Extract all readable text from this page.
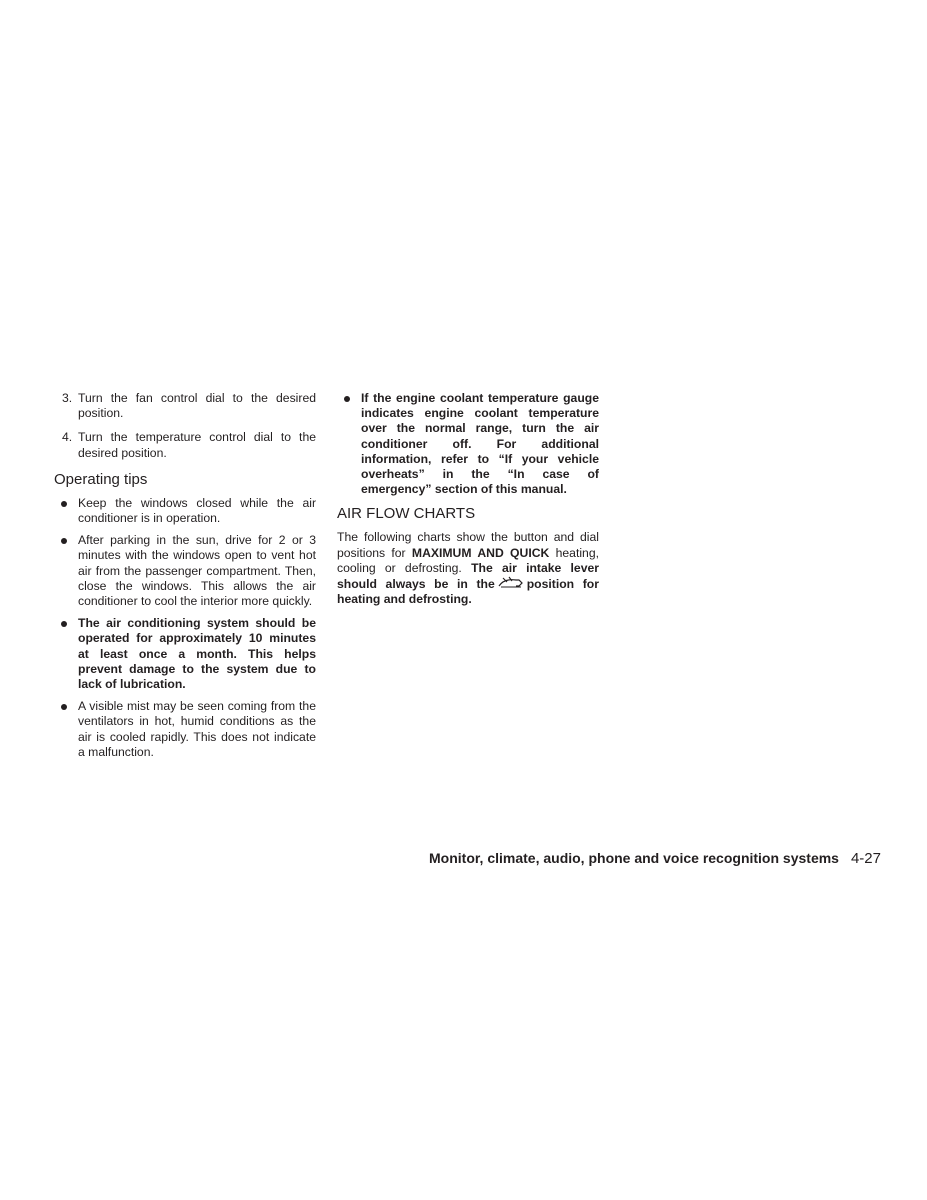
3. Turn the fan control dial to the desired position.
4. Turn the temperature control dial to the desired position.
Operating tips
Keep the windows closed while the air conditioner is in operation.
After parking in the sun, drive for 2 or 3 minutes with the windows open to vent hot air from the passenger compartment. Then, close the windows. This allows the air conditioner to cool the interior more quickly.
The air conditioning system should be operated for approximately 10 minutes at least once a month. This helps prevent damage to the system due to lack of lubrication.
A visible mist may be seen coming from the ventilators in hot, humid conditions as the air is cooled rapidly. This does not indicate a malfunction.
If the engine coolant temperature gauge indicates engine coolant temperature over the normal range, turn the air conditioner off. For additional information, refer to “If your vehicle overheats” in the “In case of emergency” section of this manual.
AIR FLOW CHARTS

The following charts show the button and dial positions for MAXIMUM AND QUICK heating, cooling or defrosting. The air intake lever should always be in the	position for heating and defrosting.

Monitor, climate, audio, phone and voice recognition systems 4-27
